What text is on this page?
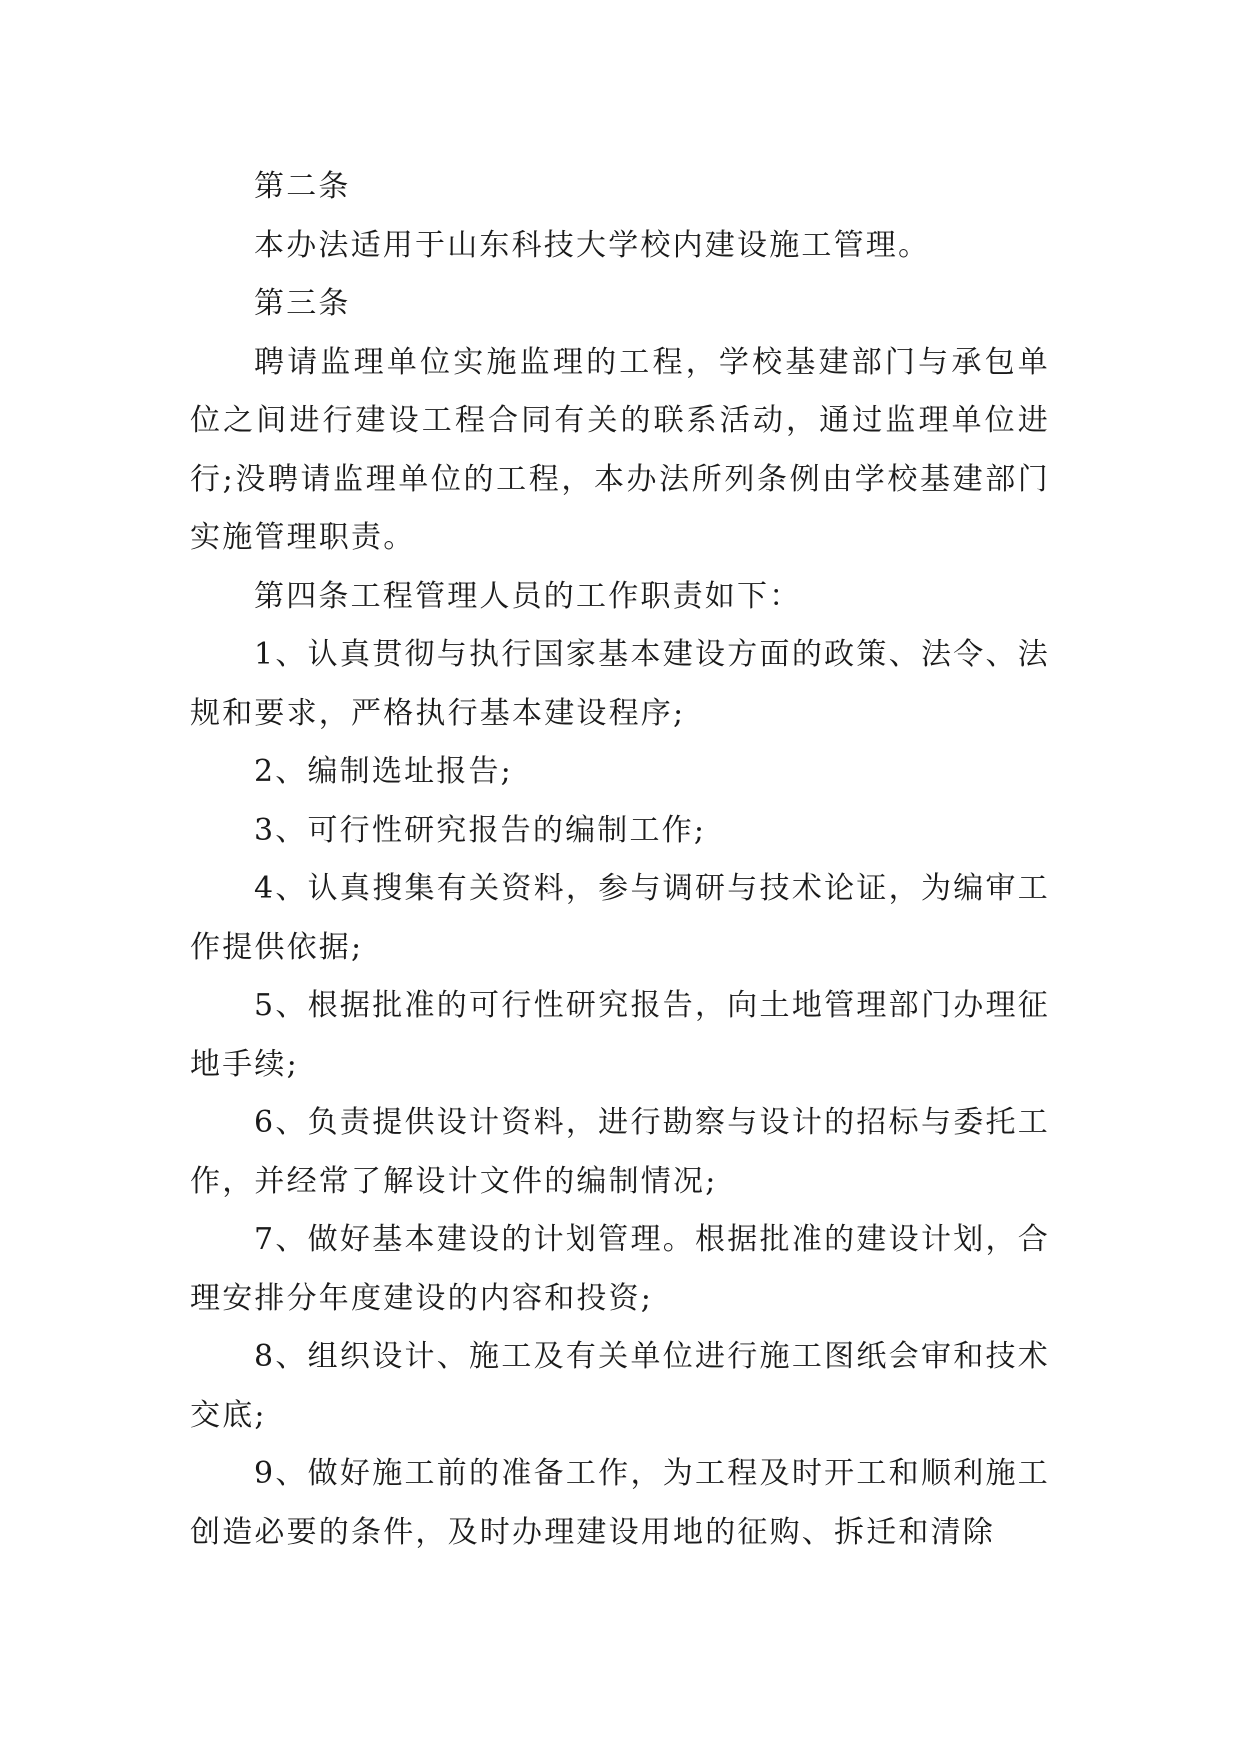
第二条

本办法适用于山东科技大学校内建设施工管理。

第三条

聘请监理单位实施监理的工程，学校基建部门与承包单位之间进行建设工程合同有关的联系活动，通过监理单位进行;没聘请监理单位的工程，本办法所列条例由学校基建部门实施管理职责。

第四条工程管理人员的工作职责如下：

1、认真贯彻与执行国家基本建设方面的政策、法令、法规和要求，严格执行基本建设程序;

2、编制选址报告;

3、可行性研究报告的编制工作;

4、认真搜集有关资料，参与调研与技术论证，为编审工作提供依据;

5、根据批准的可行性研究报告，向土地管理部门办理征地手续;

6、负责提供设计资料，进行勘察与设计的招标与委托工作，并经常了解设计文件的编制情况;

7、做好基本建设的计划管理。根据批准的建设计划，合理安排分年度建设的内容和投资;

8、组织设计、施工及有关单位进行施工图纸会审和技术交底;

9、做好施工前的准备工作，为工程及时开工和顺利施工创造必要的条件，及时办理建设用地的征购、拆迁和清除
